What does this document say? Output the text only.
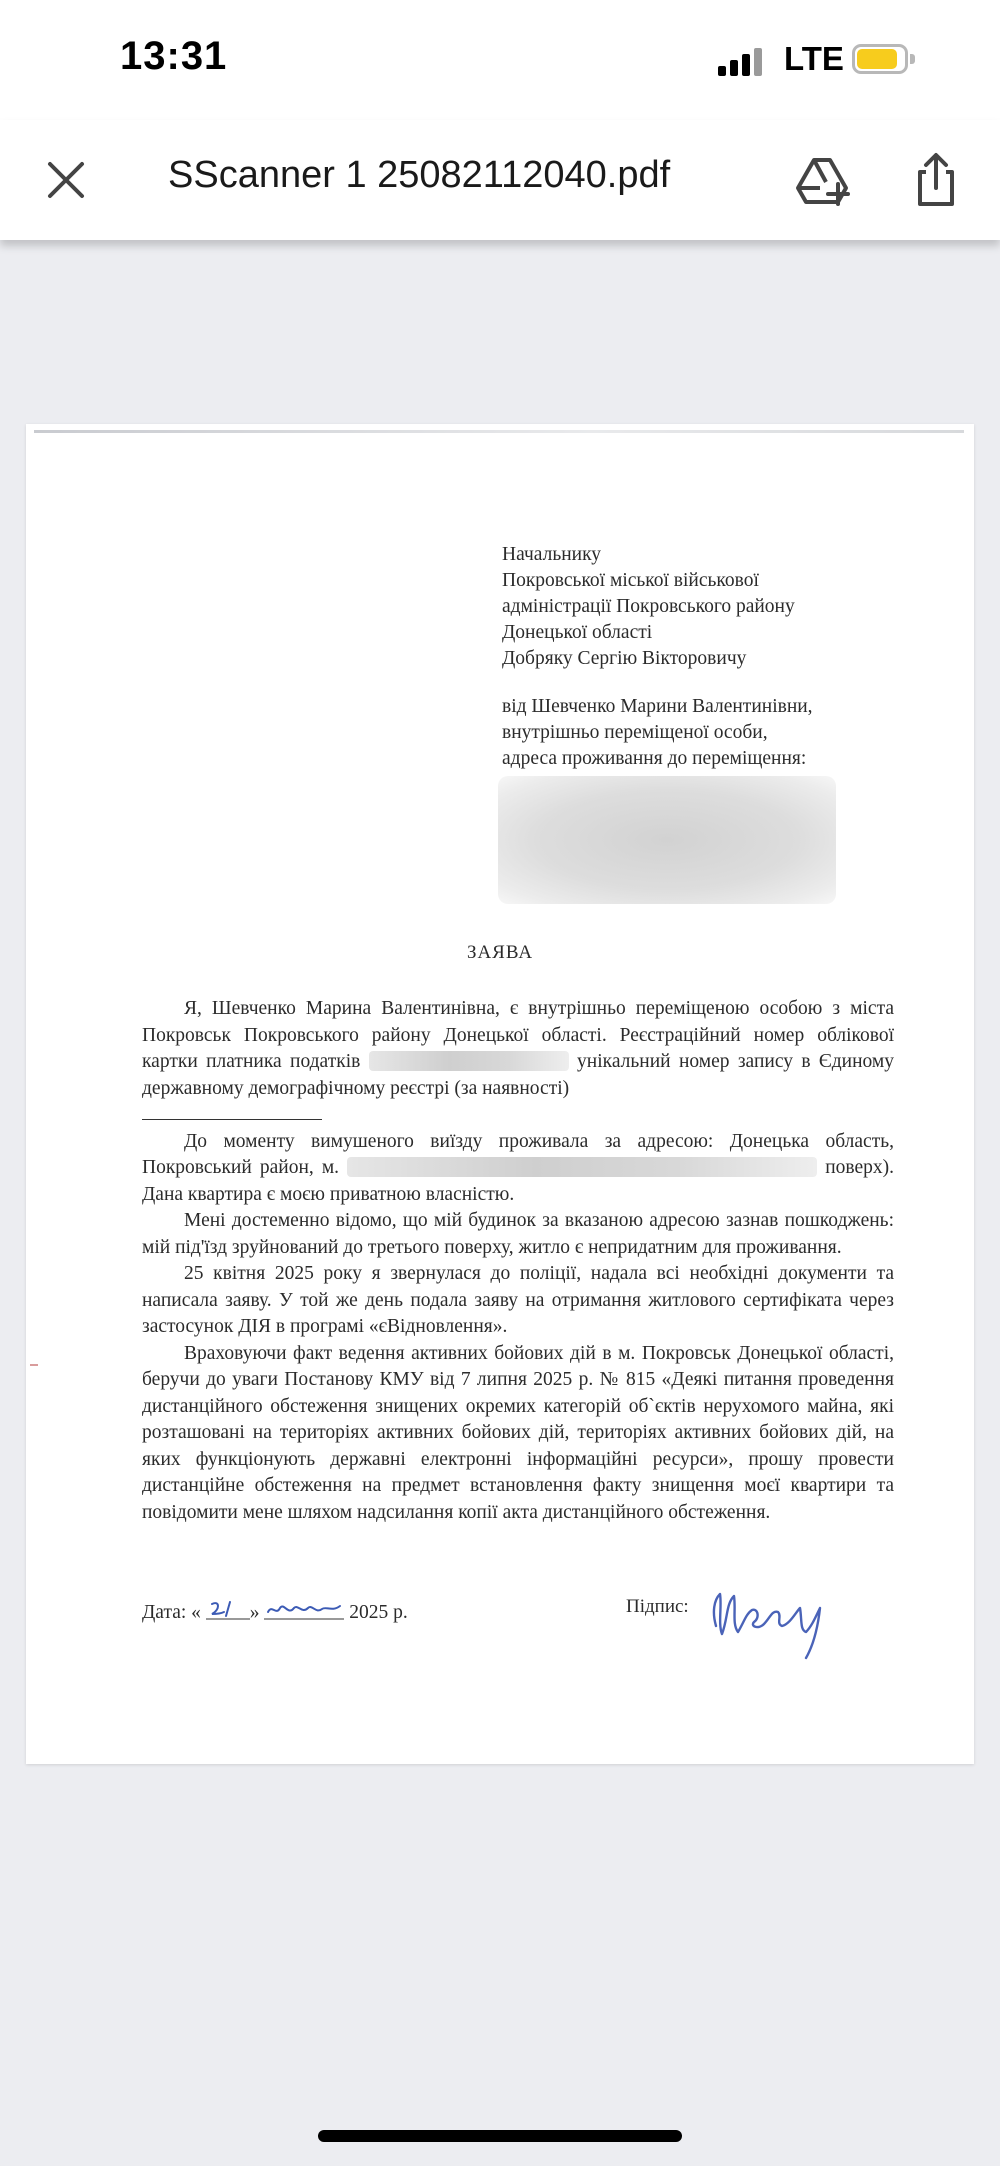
13:31	LTE
SScanner 1 25082112040.pdf
Начальнику
Покровської міської військової
адміністрації Покровського району
Донецької області
Добряку Сергію Вікторовичу
від Шевченко Марини Валентинівни,
внутрішньо переміщеної особи,
адреса проживання до переміщення:
ЗАЯВА

Я, Шевченко Марина Валентинівна, є внутрішньо переміщеною особою з міста Покровськ Покровського району Донецької області. Реєстраційний номер облікової картки платника податків	унікальний номер запису в Єдиному державному демографічному реєстрі (за наявності)

До моменту вимушеного виїзду проживала за адресою: Донецька область, Покровський район, м.	поверх). Дана квартира є моєю приватною власністю.

Мені достеменно відомо, що мій будинок за вказаною адресою зазнав пошкоджень: мій під'їзд зруйнований до третього поверху, житло є непридатним для проживання.

25 квітня 2025 року я звернулася до поліції, надала всі необхідні документи та написала заяву. У той же день подала заяву на отримання житлового сертифіката через застосунок ДІЯ в програмі «єВідновлення».

Враховуючи факт ведення активних бойових дій в м. Покровськ Донецької області, беручи до уваги Постанову КМУ від 7 липня 2025 р. № 815 «Деякі питання проведення дистанційного обстеження знищених окремих категорій об`єктів нерухомого майна, які розташовані на територіях активних бойових дій, територіях активних бойових дій, на яких функціонують державні електронні інформаційні ресурси», прошу провести дистанційне обстеження на предмет встановлення факту знищення моєї квартири та повідомити мене шляхом надсилання копії акта дистанційного обстеження.

Дата: «	»	2025 р.	Підпис:
